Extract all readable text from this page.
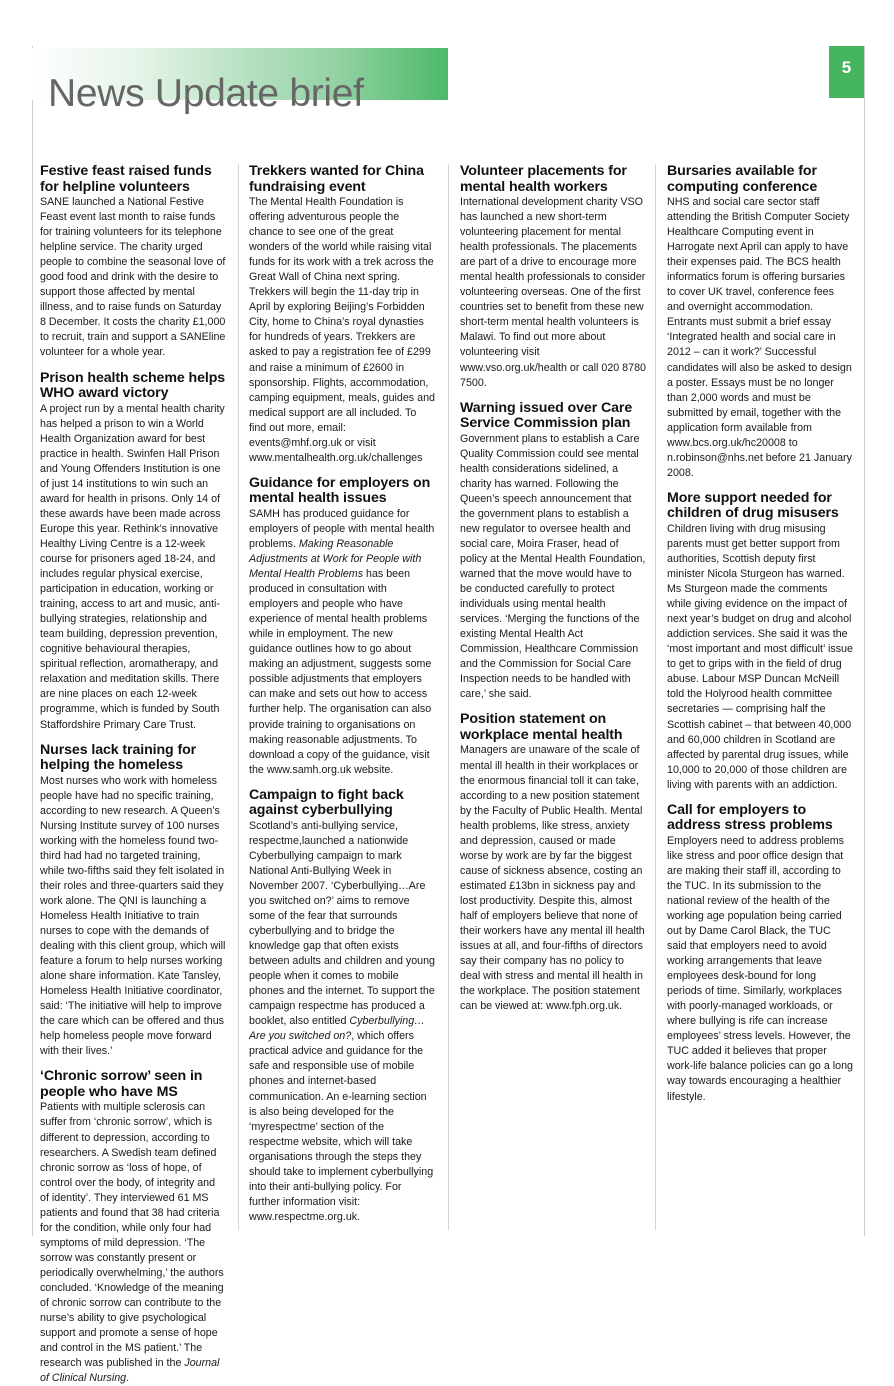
News Update brief
5
Festive feast raised funds for helpline volunteers

SANE launched a National Festive Feast event last month to raise funds for training volunteers for its telephone helpline service. The charity urged people to combine the seasonal love of good food and drink with the desire to support those affected by mental illness, and to raise funds on Saturday 8 December. It costs the charity £1,000 to recruit, train and support a SANEline volunteer for a whole year.

Prison health scheme helps WHO award victory

A project run by a mental health charity has helped a prison to win a World Health Organization award for best practice in health. Swinfen Hall Prison and Young Offenders Institution is one of just 14 institutions to win such an award for health in prisons. Only 14 of these awards have been made across Europe this year. Rethink’s innovative Healthy Living Centre is a 12-week course for prisoners aged 18-24, and includes regular physical exercise, participation in education, working or training, access to art and music, anti-bullying strategies, relationship and team building, depression prevention, cognitive behavioural therapies, spiritual reflection, aromatherapy, and relaxation and meditation skills. There are nine places on each 12-week programme, which is funded by South Staffordshire Primary Care Trust.

Nurses lack training for helping the homeless

Most nurses who work with homeless people have had no specific training, according to new research. A Queen’s Nursing Institute survey of 100 nurses working with the homeless found two-third had had no targeted training, while two-fifths said they felt isolated in their roles and three-quarters said they work alone. The QNI is launching a Homeless Health Initiative to train nurses to cope with the demands of dealing with this client group, which will feature a forum to help nurses working alone share information. Kate Tansley, Homeless Health Initiative coordinator, said: ‘The initiative will help to improve the care which can be offered and thus help homeless people move forward with their lives.’

‘Chronic sorrow’ seen in people who have MS

Patients with multiple sclerosis can suffer from ‘chronic sorrow’, which is different to depression, according to researchers. A Swedish team defined chronic sorrow as ‘loss of hope, of control over the body, of integrity and of identity’. They interviewed 61 MS patients and found that 38 had criteria for the condition, while only four had symptoms of mild depression. ‘The sorrow was constantly present or periodically overwhelming,’ the authors concluded. ‘Knowledge of the meaning of chronic sorrow can contribute to the nurse’s ability to give psychological support and promote a sense of hope and control in the MS patient.’ The research was published in the Journal of Clinical Nursing.

Trekkers wanted for China fundraising event

The Mental Health Foundation is offering adventurous people the chance to see one of the great wonders of the world while raising vital funds for its work with a trek across the Great Wall of China next spring. Trekkers will begin the 11-day trip in April by exploring Beijing’s Forbidden City, home to China’s royal dynasties for hundreds of years. Trekkers are asked to pay a registration fee of £299 and raise a minimum of £2600 in sponsorship. Flights, accommodation, camping equipment, meals, guides and medical support are all included. To find out more, email: events@mhf.org.uk or visit www.mentalhealth.org.uk/challenges

Guidance for employers on mental health issues

SAMH has produced guidance for employers of people with mental health problems. Making Reasonable Adjustments at Work for People with Mental Health Problems has been produced in consultation with employers and people who have experience of mental health problems while in employment. The new guidance outlines how to go about making an adjustment, suggests some possible adjustments that employers can make and sets out how to access further help. The organisation can also provide training to organisations on making reasonable adjustments. To download a copy of the guidance, visit the www.samh.org.uk website.

Campaign to fight back against cyberbullying

Scotland’s anti-bullying service, respectme,launched a nationwide Cyberbullying campaign to mark National Anti-Bullying Week in November 2007. ‘Cyberbullying…Are you switched on?’ aims to remove some of the fear that surrounds cyberbullying and to bridge the knowledge gap that often exists between adults and children and young people when it comes to mobile phones and the internet. To support the campaign respectme has produced a booklet, also entitled Cyberbullying…Are you switched on?, which offers practical advice and guidance for the safe and responsible use of mobile phones and internet-based communication. An e-learning section is also being developed for the ‘myrespectme’ section of the respectme website, which will take organisations through the steps they should take to implement cyberbullying into their anti-bullying policy. For further information visit: www.respectme.org.uk.

Volunteer placements for mental health workers

International development charity VSO has launched a new short-term volunteering placement for mental health professionals. The placements are part of a drive to encourage more mental health professionals to consider volunteering overseas. One of the first countries set to benefit from these new short-term mental health volunteers is Malawi. To find out more about volunteering visit www.vso.org.uk/health or call 020 8780 7500.

Warning issued over Care Service Commission plan

Government plans to establish a Care Quality Commission could see mental health considerations sidelined, a charity has warned. Following the Queen’s speech announcement that the government plans to establish a new regulator to oversee health and social care, Moira Fraser, head of policy at the Mental Health Foundation, warned that the move would have to be conducted carefully to protect individuals using mental health services. ‘Merging the functions of the existing Mental Health Act Commission, Healthcare Commission and the Commission for Social Care Inspection needs to be handled with care,’ she said.

Position statement on workplace mental health

Managers are unaware of the scale of mental ill health in their workplaces or the enormous financial toll it can take, according to a new position statement by the Faculty of Public Health. Mental health problems, like stress, anxiety and depression, caused or made worse by work are by far the biggest cause of sickness absence, costing an estimated £13bn in sickness pay and lost productivity. Despite this, almost half of employers believe that none of their workers have any mental ill health issues at all, and four-fifths of directors say their company has no policy to deal with stress and mental ill health in the workplace. The position statement can be viewed at: www.fph.org.uk.

Bursaries available for computing conference

NHS and social care sector staff attending the British Computer Society Healthcare Computing event in Harrogate next April can apply to have their expenses paid. The BCS health informatics forum is offering bursaries to cover UK travel, conference fees and overnight accommodation. Entrants must submit a brief essay ‘Integrated health and social care in 2012 – can it work?’ Successful candidates will also be asked to design a poster. Essays must be no longer than 2,000 words and must be submitted by email, together with the application form available from www.bcs.org.uk/hc20008 to n.robinson@nhs.net before 21 January 2008.

More support needed for children of drug misusers

Children living with drug misusing parents must get better support from authorities, Scottish deputy first minister Nicola Sturgeon has warned. Ms Sturgeon made the comments while giving evidence on the impact of next year’s budget on drug and alcohol addiction services. She said it was the ‘most important and most difficult’ issue to get to grips with in the field of drug abuse. Labour MSP Duncan McNeill told the Holyrood health committee secretaries — comprising half the Scottish cabinet – that between 40,000 and 60,000 children in Scotland are affected by parental drug issues, while 10,000 to 20,000 of those children are living with parents with an addiction.

Call for employers to address stress problems

Employers need to address problems like stress and poor office design that are making their staff ill, according to the TUC. In its submission to the national review of the health of the working age population being carried out by Dame Carol Black, the TUC said that employers need to avoid working arrangements that leave employees desk-bound for long periods of time. Similarly, workplaces with poorly-managed workloads, or where bullying is rife can increase employees’ stress levels. However, the TUC added it believes that proper work-life balance policies can go a long way towards encouraging a healthier lifestyle.
